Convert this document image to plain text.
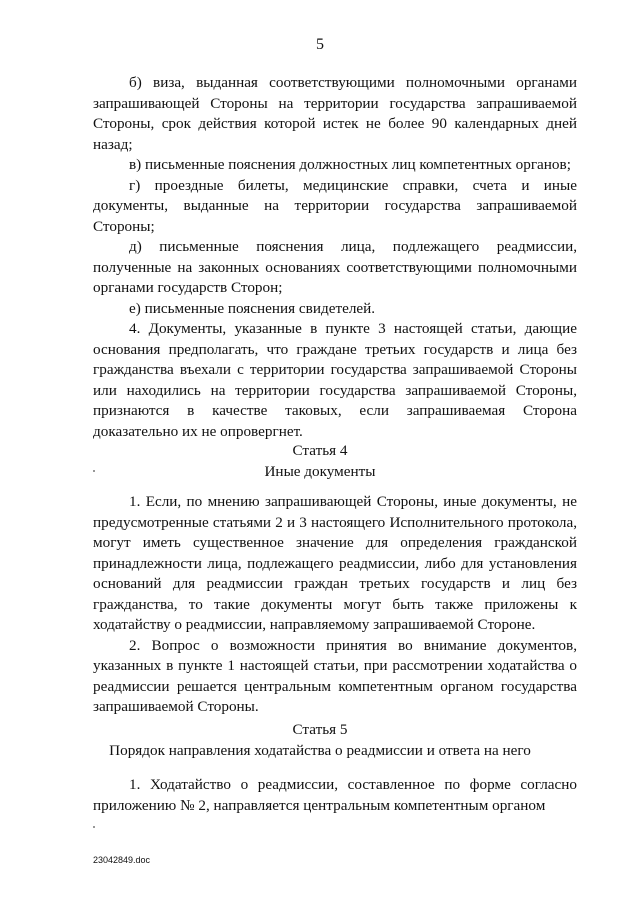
5

б) виза, выданная соответствующими полномочными органами запрашивающей Стороны на территории государства запрашиваемой Стороны, срок действия которой истек не более 90 календарных дней назад;

в) письменные пояснения должностных лиц компетентных органов;

г) проездные билеты, медицинские справки, счета и иные документы, выданные на территории государства запрашиваемой Стороны;

д) письменные пояснения лица, подлежащего реадмиссии, полученные на законных основаниях соответствующими полномочными органами государств Сторон;

е) письменные пояснения свидетелей.

4. Документы, указанные в пункте 3 настоящей статьи, дающие основания предполагать, что граждане третьих государств и лица без гражданства въехали с территории государства запрашиваемой Стороны или находились на территории государства запрашиваемой Стороны, признаются в качестве таковых, если запрашиваемая Сторона доказательно их не опровергнет.

Статья 4
Иные документы

1. Если, по мнению запрашивающей Стороны, иные документы, не предусмотренные статьями 2 и 3 настоящего Исполнительного протокола, могут иметь существенное значение для определения гражданской принадлежности лица, подлежащего реадмиссии, либо для установления оснований для реадмиссии граждан третьих государств и лиц без гражданства, то такие документы могут быть также приложены к ходатайству о реадмиссии, направляемому запрашиваемой Стороне.

2. Вопрос о возможности принятия во внимание документов, указанных в пункте 1 настоящей статьи, при рассмотрении ходатайства о реадмиссии решается центральным компетентным органом государства запрашиваемой Стороны.

Статья 5
Порядок направления ходатайства о реадмиссии и ответа на него

1. Ходатайство о реадмиссии, составленное по форме согласно приложению № 2, направляется центральным компетентным органом

23042849.doc
